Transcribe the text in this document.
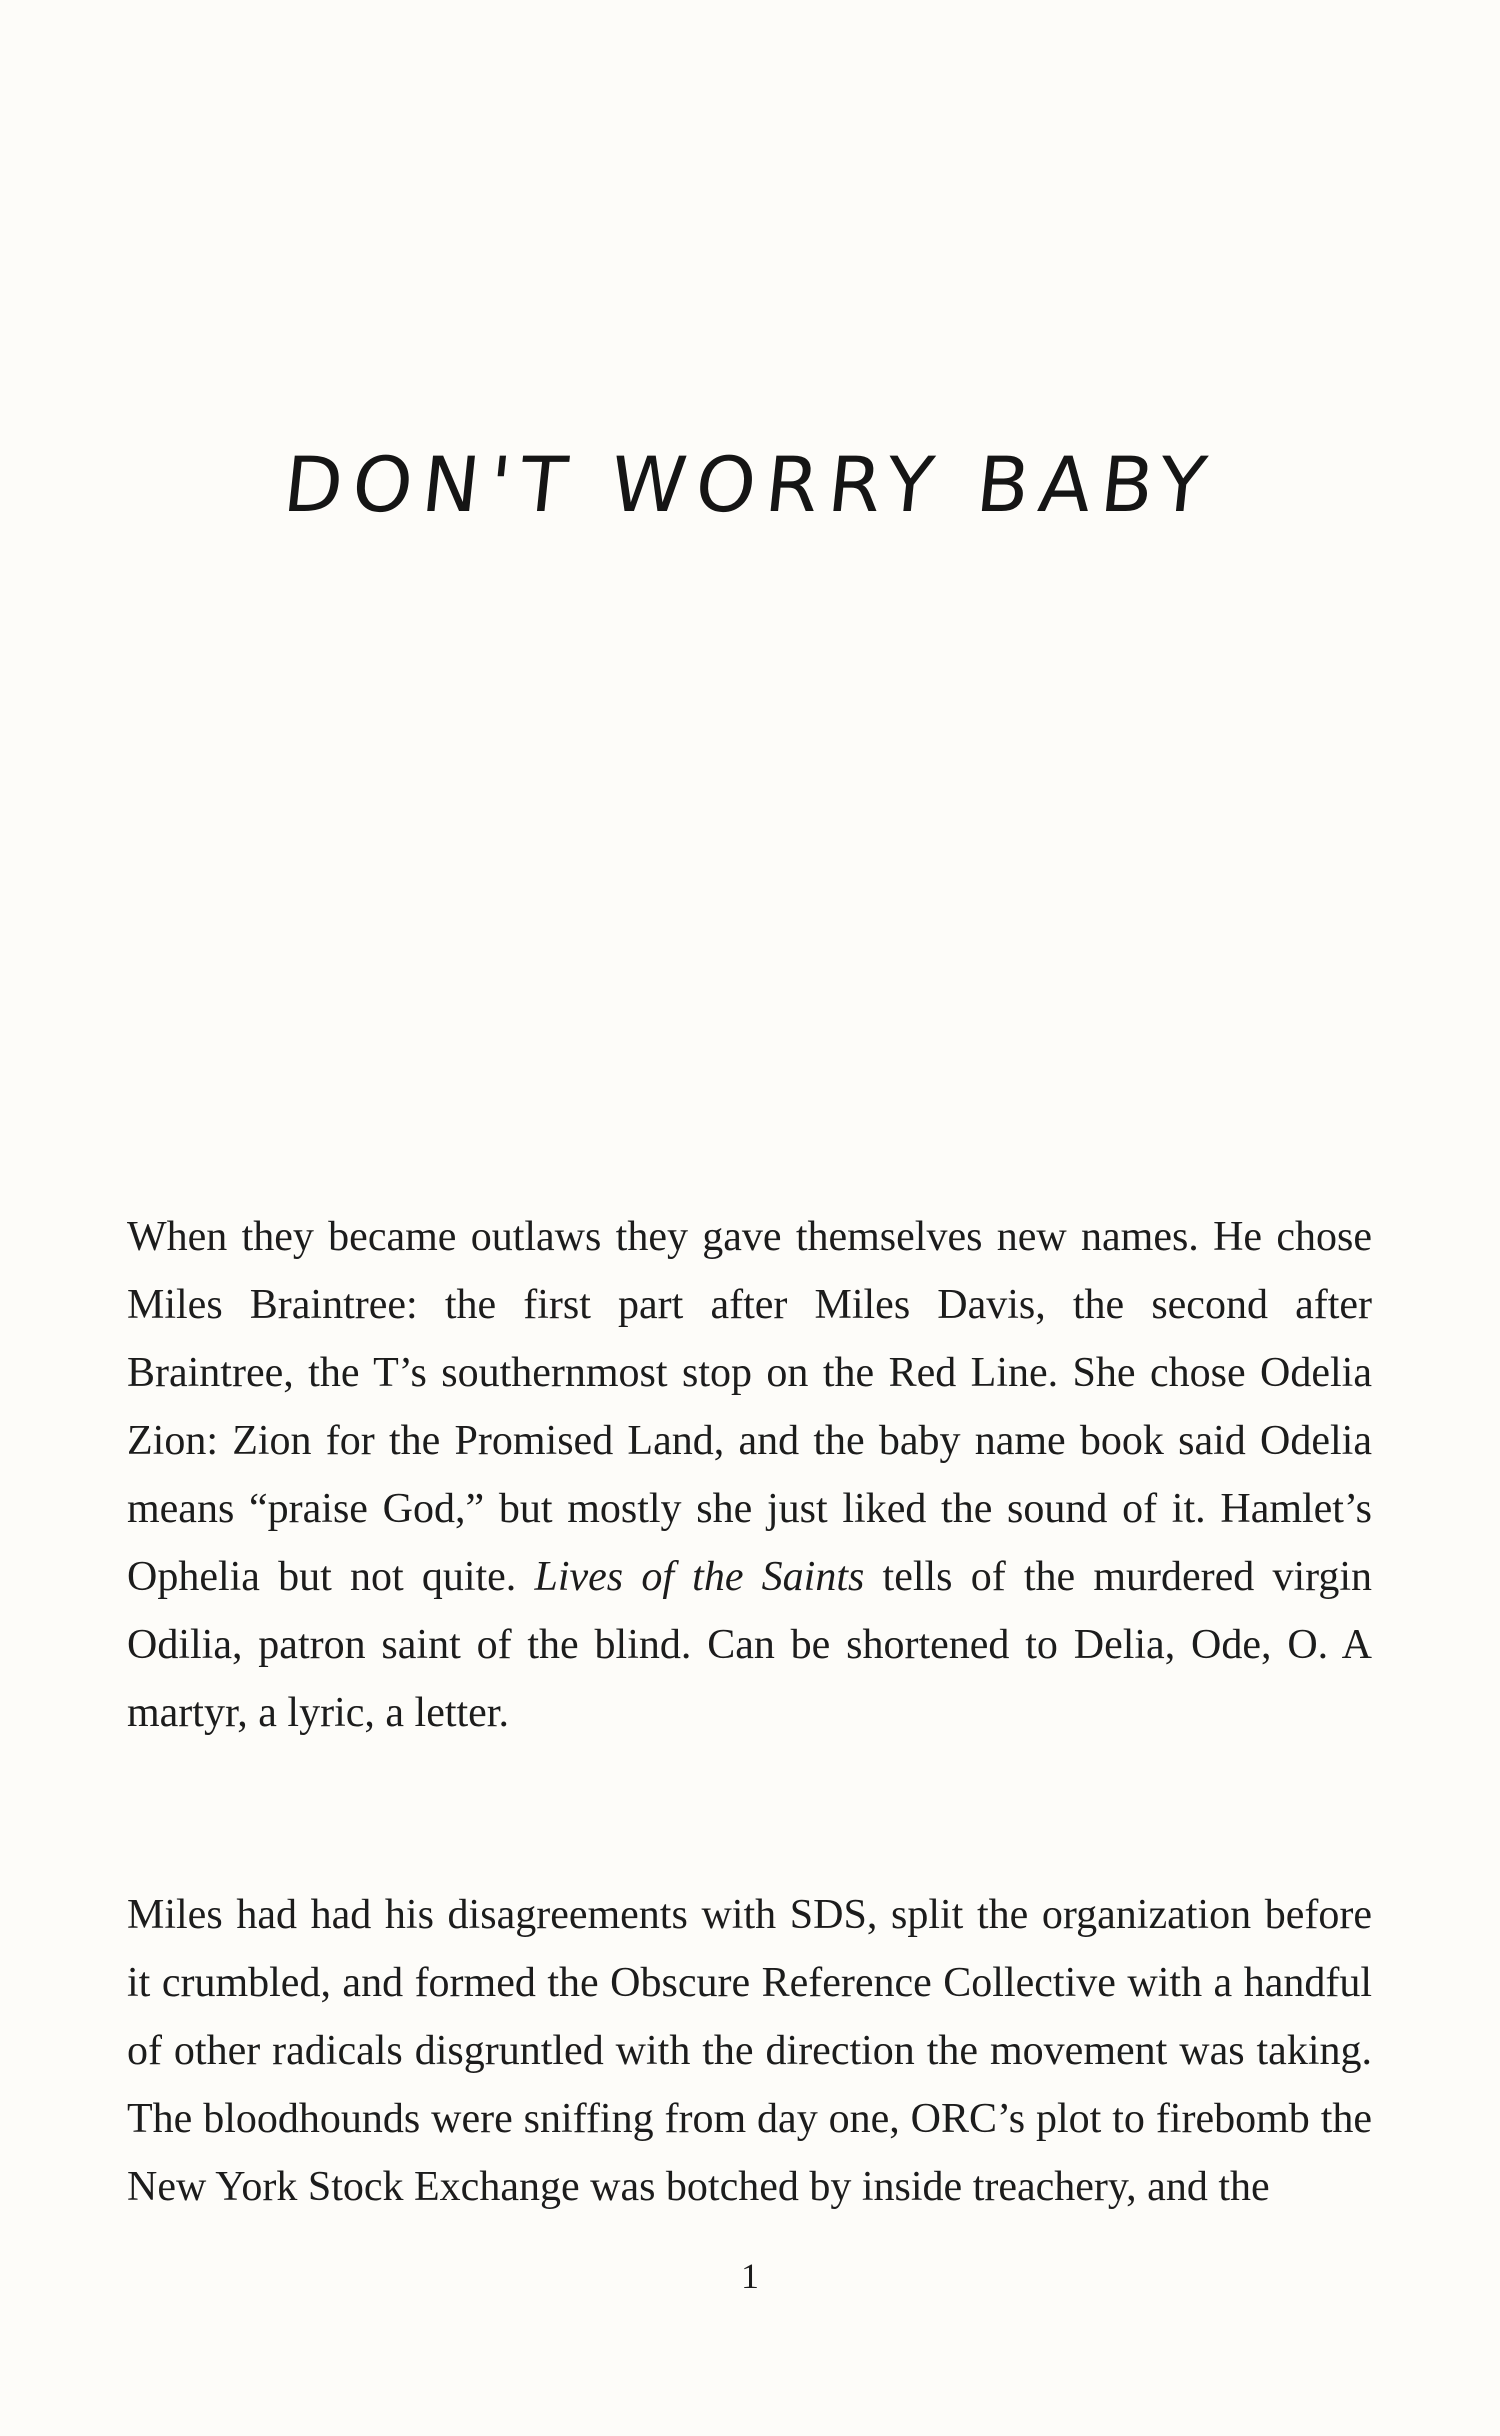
DON'T WORRY BABY

When they became outlaws they gave themselves new names. He chose Miles Braintree: the first part after Miles Davis, the second after Braintree, the T’s southernmost stop on the Red Line. She chose Odelia Zion: Zion for the Promised Land, and the baby name book said Odelia means “praise God,” but mostly she just liked the sound of it. Hamlet’s Ophelia but not quite. Lives of the Saints tells of the murdered virgin Odilia, patron saint of the blind. Can be shortened to Delia, Ode, O. A martyr, a lyric, a letter.

Miles had had his disagreements with SDS, split the organization before it crumbled, and formed the Obscure Reference Collective with a handful of other radicals disgruntled with the direction the movement was taking. The bloodhounds were sniffing from day one, ORC’s plot to firebomb the New York Stock Exchange was botched by inside treachery, and the

1
